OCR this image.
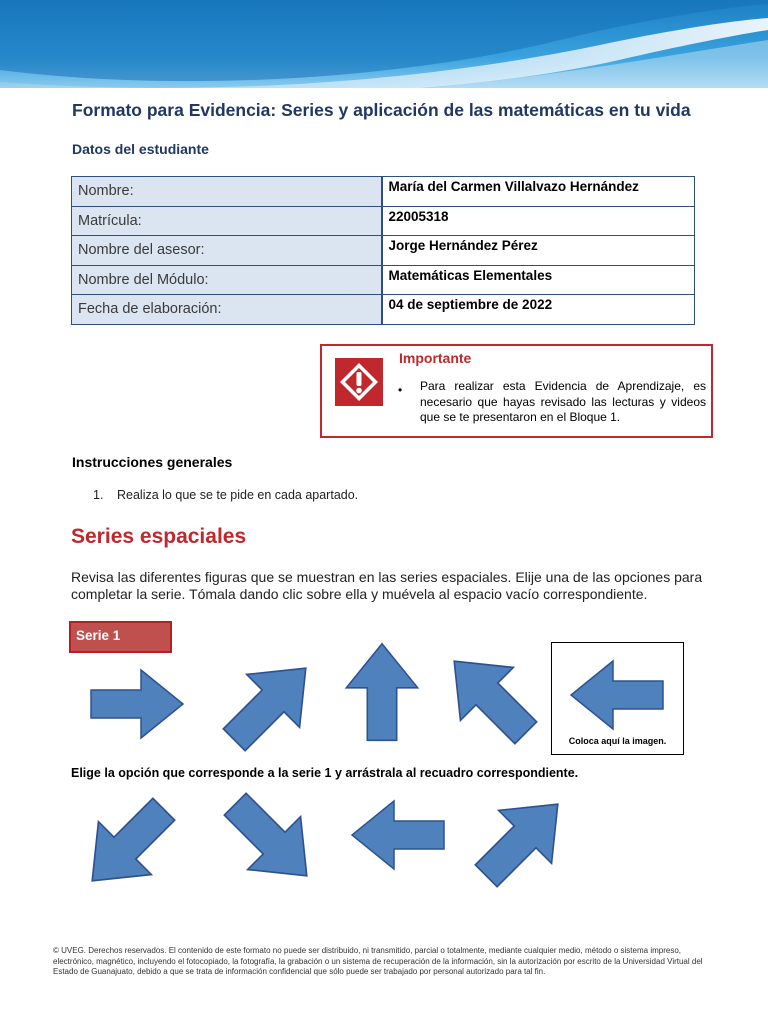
Formato para Evidencia: Series y aplicación de las matemáticas en tu vida
Datos del estudiante
Nombre:	María del Carmen Villalvazo Hernández
Matrícula:	22005318
Nombre del asesor:	Jorge Hernández Pérez
Nombre del Módulo:	Matemáticas Elementales
Fecha de elaboración:	04 de septiembre de 2022
Importante
• Para realizar esta Evidencia de Aprendizaje, es necesario que hayas revisado las lecturas y videos que se te presentaron en el Bloque 1.
Instrucciones generales
1. Realiza lo que se te pide en cada apartado.
Series espaciales
Revisa las diferentes figuras que se muestran en las series espaciales. Elije una de las opciones para completar la serie. Tómala dando clic sobre ella y muévela al espacio vacío correspondiente.
Serie 1
Coloca aquí la imagen.
Elige la opción que corresponde a la serie 1 y arrástrala al recuadro correspondiente.
© UVEG. Derechos reservados. El contenido de este formato no puede ser distribuido, ni transmitido, parcial o totalmente, mediante cualquier medio, método o sistema impreso, electrónico, magnético, incluyendo el fotocopiado, la fotografía, la grabación o un sistema de recuperación de la información, sin la autorización por escrito de la Universidad Virtual del Estado de Guanajuato, debido a que se trata de información confidencial que sólo puede ser trabajado por personal autorizado para tal fin.
